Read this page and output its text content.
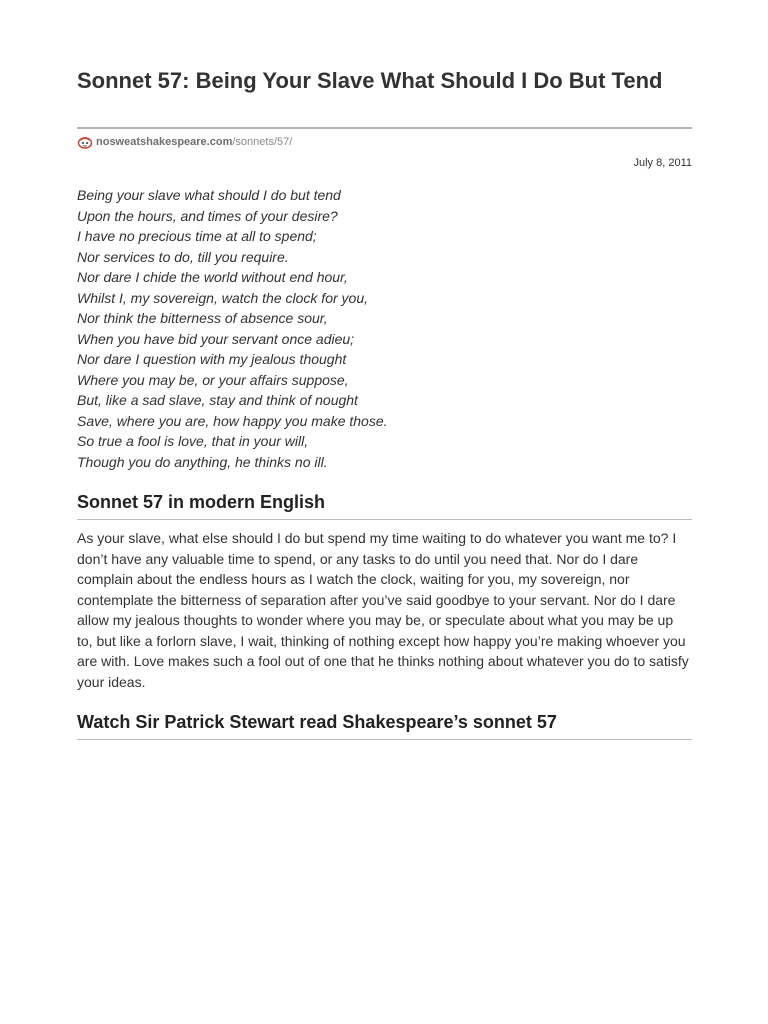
Sonnet 57: Being Your Slave What Should I Do But Tend
nosweatshakespeare.com /sonnets/57/
July 8, 2011
Being your slave what should I do but tend
Upon the hours, and times of your desire?
I have no precious time at all to spend;
Nor services to do, till you require.
Nor dare I chide the world without end hour,
Whilst I, my sovereign, watch the clock for you,
Nor think the bitterness of absence sour,
When you have bid your servant once adieu;
Nor dare I question with my jealous thought
Where you may be, or your affairs suppose,
But, like a sad slave, stay and think of nought
Save, where you are, how happy you make those.
So true a fool is love, that in your will,
Though you do anything, he thinks no ill.
Sonnet 57 in modern English

As your slave, what else should I do but spend my time waiting to do whatever you want me to? I don’t have any valuable time to spend, or any tasks to do until you need that. Nor do I dare complain about the endless hours as I watch the clock, waiting for you, my sovereign, nor contemplate the bitterness of separation after you’ve said goodbye to your servant. Nor do I dare allow my jealous thoughts to wonder where you may be, or speculate about what you may be up to, but like a forlorn slave, I wait, thinking of nothing except how happy you’re making whoever you are with. Love makes such a fool out of one that he thinks nothing about whatever you do to satisfy your ideas.

Watch Sir Patrick Stewart read Shakespeare’s sonnet 57
